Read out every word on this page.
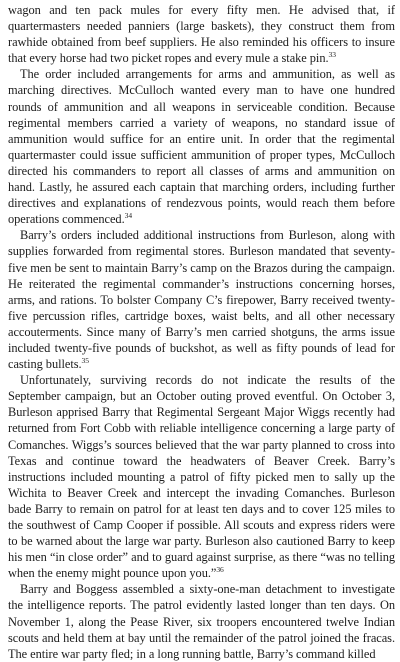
wagon and ten pack mules for every fifty men. He advised that, if quartermasters needed panniers (large baskets), they construct them from rawhide obtained from beef suppliers. He also reminded his officers to insure that every horse had two picket ropes and every mule a stake pin.$^{33}$

The order included arrangements for arms and ammunition, as well as marching directives. McCulloch wanted every man to have one hundred rounds of ammunition and all weapons in serviceable condition. Because regimental members carried a variety of weapons, no standard issue of ammunition would suffice for an entire unit. In order that the regimental quartermaster could issue sufficient ammunition of proper types, McCulloch directed his commanders to report all classes of arms and ammunition on hand. Lastly, he assured each captain that marching orders, including further directives and explanations of rendezvous points, would reach them before operations commenced.$^{34}$

Barry’s orders included additional instructions from Burleson, along with supplies forwarded from regimental stores. Burleson mandated that seventy-five men be sent to maintain Barry’s camp on the Brazos during the campaign. He reiterated the regimental commander’s instructions concerning horses, arms, and rations. To bolster Company C’s firepower, Barry received twenty-five percussion rifles, cartridge boxes, waist belts, and all other necessary accouterments. Since many of Barry’s men carried shotguns, the arms issue included twenty-five pounds of buckshot, as well as fifty pounds of lead for casting bullets.$^{35}$

Unfortunately, surviving records do not indicate the results of the September campaign, but an October outing proved eventful. On October 3, Burleson apprised Barry that Regimental Sergeant Major Wiggs recently had returned from Fort Cobb with reliable intelligence concerning a large party of Comanches. Wiggs’s sources believed that the war party planned to cross into Texas and continue toward the headwaters of Beaver Creek. Barry’s instructions included mounting a patrol of fifty picked men to sally up the Wichita to Beaver Creek and intercept the invading Comanches. Burleson bade Barry to remain on patrol for at least ten days and to cover 125 miles to the southwest of Camp Cooper if possible. All scouts and express riders were to be warned about the large war party. Burleson also cautioned Barry to keep his men “in close order” and to guard against surprise, as there “was no telling when the enemy might pounce upon you.”$^{36}$

Barry and Boggess assembled a sixty-one-man detachment to investigate the intelligence reports. The patrol evidently lasted longer than ten days. On November 1, along the Pease River, six troopers encountered twelve Indian scouts and held them at bay until the remainder of the patrol joined the fracas. The entire war party fled; in a long running battle, Barry’s command killed
